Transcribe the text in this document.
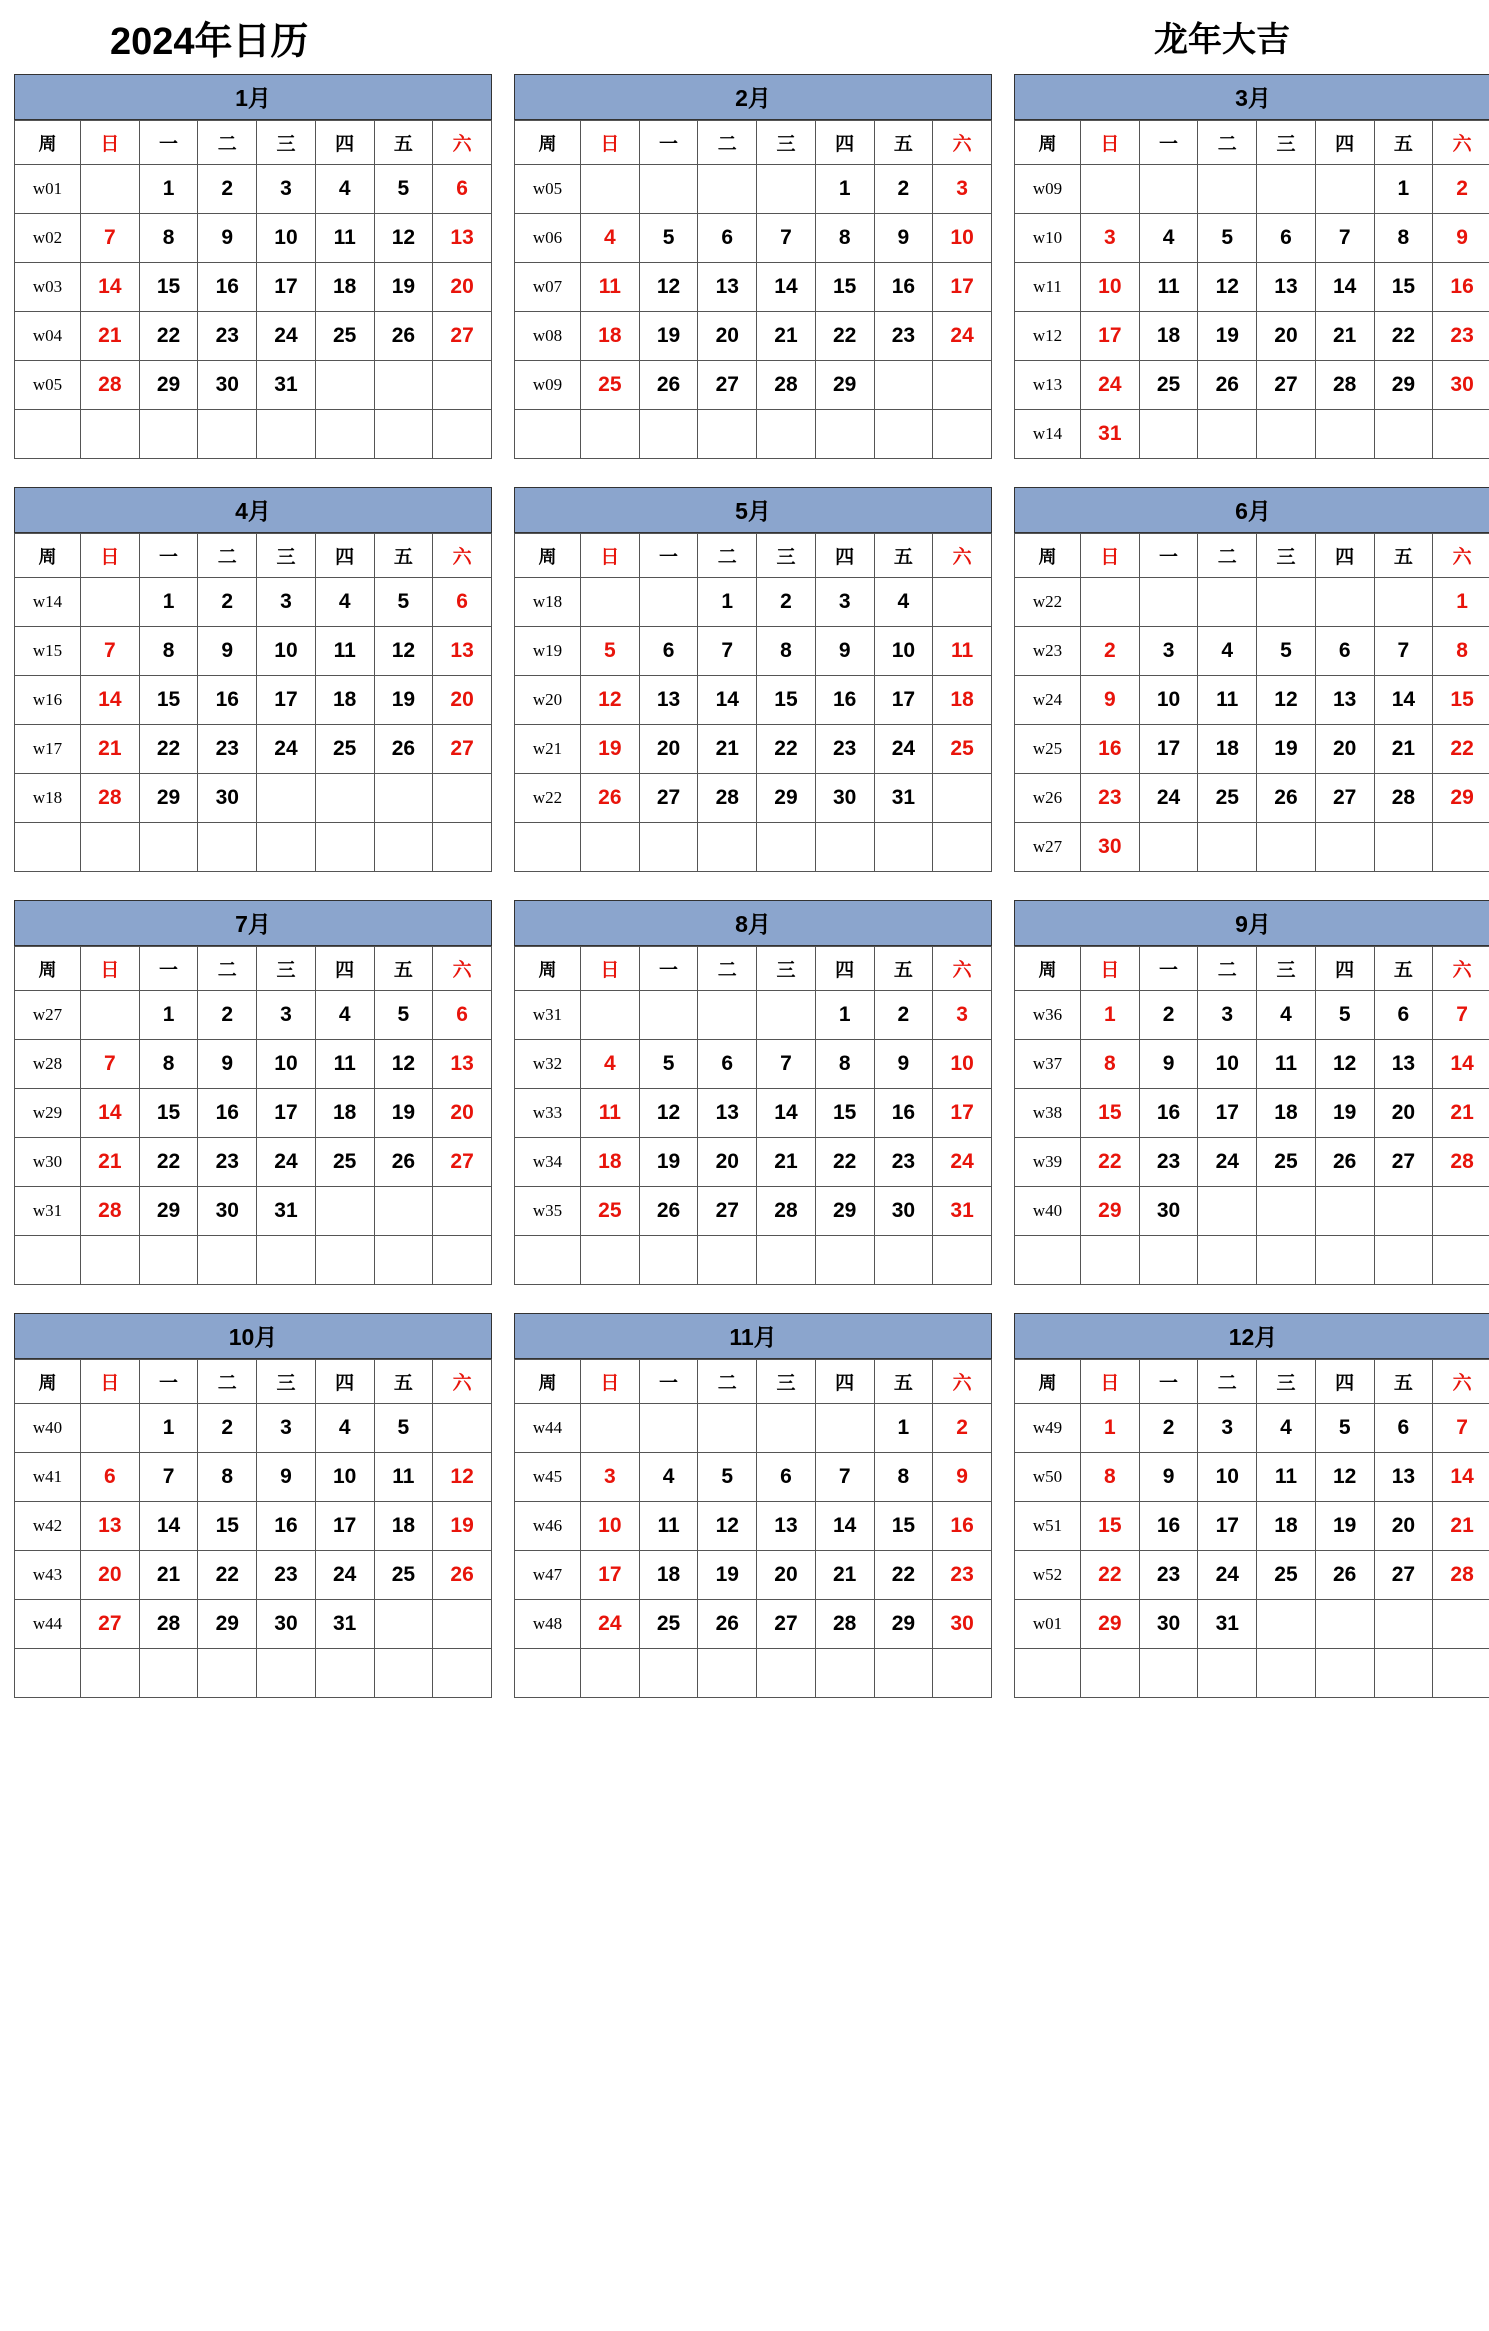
2024年日历	龙年大吉
1月
周	日	一	二	三	四	五	六
w01		1	2	3	4	5	6
w02	7	8	9	10	11	12	13
w03	14	15	16	17	18	19	20
w04	21	22	23	24	25	26	27
w05	28	29	30	31			

2月
周	日	一	二	三	四	五	六
w05					1	2	3
w06	4	5	6	7	8	9	10
w07	11	12	13	14	15	16	17
w08	18	19	20	21	22	23	24
w09	25	26	27	28	29		

3月
周	日	一	二	三	四	五	六
w09						1	2
w10	3	4	5	6	7	8	9
w11	10	11	12	13	14	15	16
w12	17	18	19	20	21	22	23
w13	24	25	26	27	28	29	30
w14	31						
4月
周	日	一	二	三	四	五	六
w14		1	2	3	4	5	6
w15	7	8	9	10	11	12	13
w16	14	15	16	17	18	19	20
w17	21	22	23	24	25	26	27
w18	28	29	30				

5月
周	日	一	二	三	四	五	六
w18			1	2	3	4	
w19	5	6	7	8	9	10	11
w20	12	13	14	15	16	17	18
w21	19	20	21	22	23	24	25
w22	26	27	28	29	30	31	

6月
周	日	一	二	三	四	五	六
w22							1
w23	2	3	4	5	6	7	8
w24	9	10	11	12	13	14	15
w25	16	17	18	19	20	21	22
w26	23	24	25	26	27	28	29
w27	30						
7月
周	日	一	二	三	四	五	六
w27		1	2	3	4	5	6
w28	7	8	9	10	11	12	13
w29	14	15	16	17	18	19	20
w30	21	22	23	24	25	26	27
w31	28	29	30	31			

8月
周	日	一	二	三	四	五	六
w31					1	2	3
w32	4	5	6	7	8	9	10
w33	11	12	13	14	15	16	17
w34	18	19	20	21	22	23	24
w35	25	26	27	28	29	30	31

9月
周	日	一	二	三	四	五	六
w36	1	2	3	4	5	6	7
w37	8	9	10	11	12	13	14
w38	15	16	17	18	19	20	21
w39	22	23	24	25	26	27	28
w40	29	30					

10月
周	日	一	二	三	四	五	六
w40		1	2	3	4	5	
w41	6	7	8	9	10	11	12
w42	13	14	15	16	17	18	19
w43	20	21	22	23	24	25	26
w44	27	28	29	30	31		

11月
周	日	一	二	三	四	五	六
w44						1	2
w45	3	4	5	6	7	8	9
w46	10	11	12	13	14	15	16
w47	17	18	19	20	21	22	23
w48	24	25	26	27	28	29	30

12月
周	日	一	二	三	四	五	六
w49	1	2	3	4	5	6	7
w50	8	9	10	11	12	13	14
w51	15	16	17	18	19	20	21
w52	22	23	24	25	26	27	28
w01	29	30	31				
